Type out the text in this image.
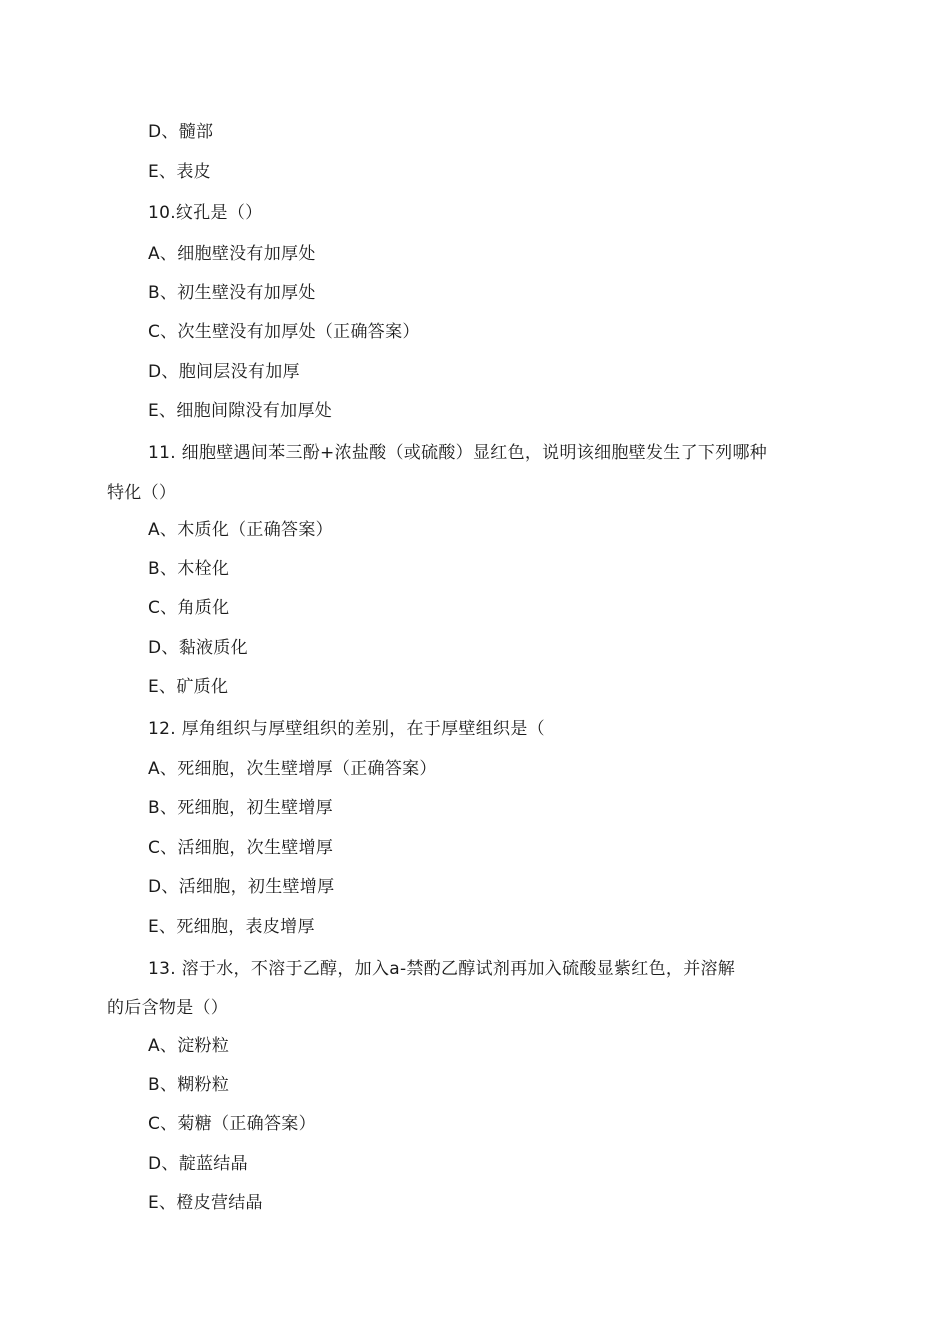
D、髓部
E、表皮
10.纹孔是（）
A、细胞壁没有加厚处
B、初生壁没有加厚处
C、次生壁没有加厚处（正确答案）
D、胞间层没有加厚
E、细胞间隙没有加厚处
11. 细胞壁遇间苯三酚+浓盐酸（或硫酸）显红色，说明该细胞壁发生了下列哪种
特化（）
A、木质化（正确答案）
B、木栓化
C、角质化
D、黏液质化
E、矿质化
12. 厚角组织与厚壁组织的差别，在于厚壁组织是（
A、死细胞，次生壁增厚（正确答案）
B、死细胞，初生壁增厚
C、活细胞，次生壁增厚
D、活细胞，初生壁增厚
E、死细胞，表皮增厚
13. 溶于水，不溶于乙醇，加入a-禁酌乙醇试剂再加入硫酸显紫红色，并溶解
的后含物是（）
A、淀粉粒
B、糊粉粒
C、菊糖（正确答案）
D、靛蓝结晶
E、橙皮营结晶
